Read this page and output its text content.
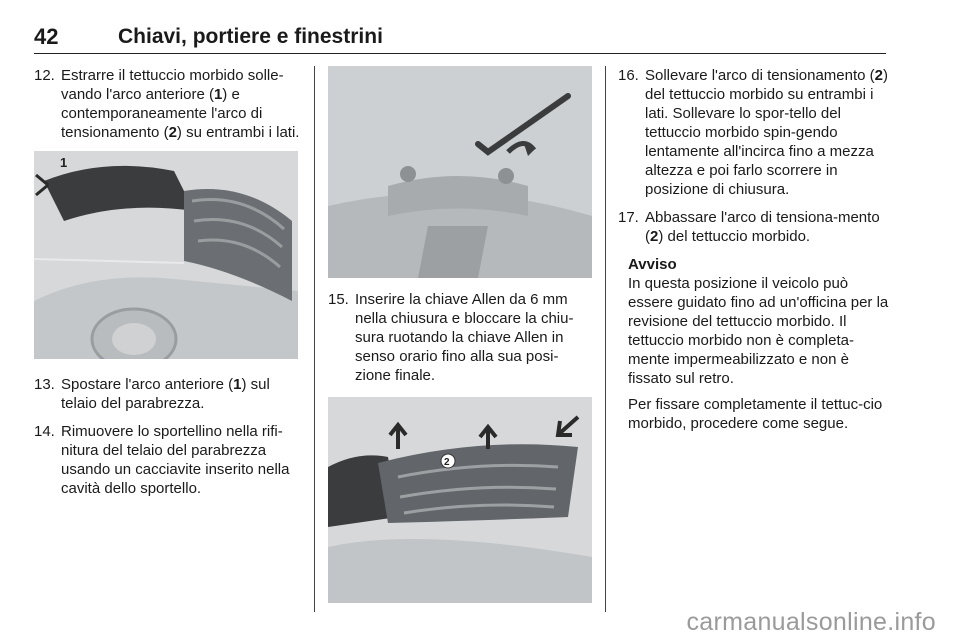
42	Chiavi, portiere e finestrini
12. Estrarre il tettuccio morbido solle-vando l'arco anteriore (1) e contemporaneamente l'arco di tensionamento (2) su entrambi i lati.
1
13. Spostare l'arco anteriore (1) sul telaio del parabrezza.
14. Rimuovere lo sportellino nella rifi-nitura del telaio del parabrezza usando un cacciavite inserito nella cavità dello sportello.
15. Inserire la chiave Allen da 6 mm nella chiusura e bloccare la chiu-sura ruotando la chiave Allen in senso orario fino alla sua posi-zione finale.
2
16. Sollevare l'arco di tensionamento (2) del tettuccio morbido su entrambi i lati. Sollevare lo spor-tello del tettuccio morbido spin-gendo lentamente all'incirca fino a mezza altezza e poi farlo scorrere in posizione di chiusura.
17. Abbassare l'arco di tensiona-mento (2) del tettuccio morbido.
Avviso

In questa posizione il veicolo può essere guidato fino ad un'officina per la revisione del tettuccio morbido. Il tettuccio morbido non è completa-mente impermeabilizzato e non è fissato sul retro.

Per fissare completamente il tettuc-cio morbido, procedere come segue.

carmanualsonline.info
